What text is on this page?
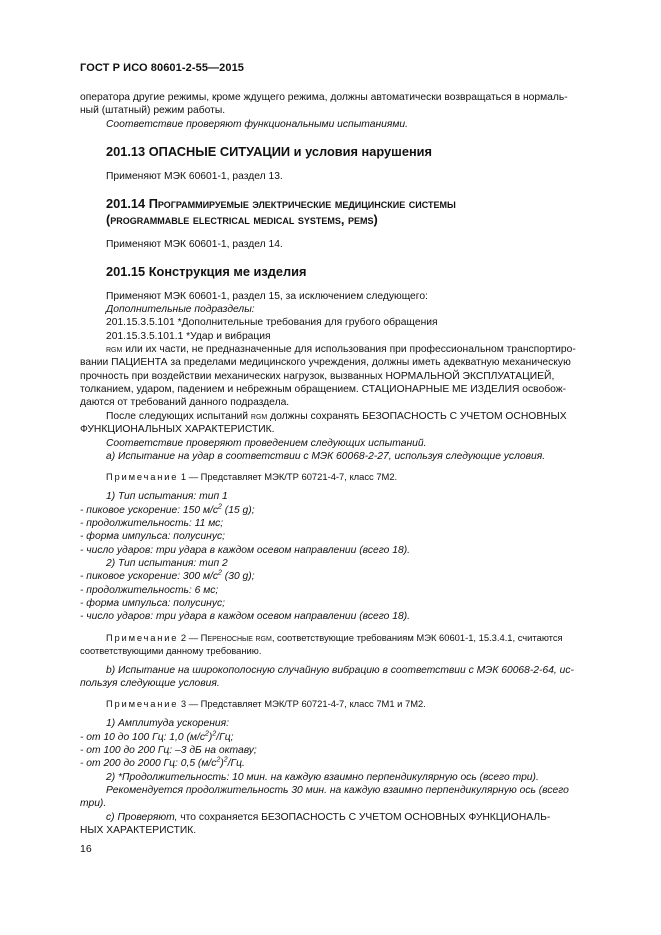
ГОСТ Р ИСО 80601-2-55—2015

оператора другие режимы, кроме ждущего режима, должны автоматически возвращаться в нормаль-

ный (штатный) режим работы.

Соответствие проверяют функциональными испытаниями.

201.13 ОПАСНЫЕ СИТУАЦИИ и условия нарушения

Применяют МЭК 60601-1, раздел 13.

201.14 Программируемые электрические медицинские системы

(programmable electrical medical systems, pems)

Применяют МЭК 60601-1, раздел 14.

201.15 Конструкция ме изделия

Применяют МЭК 60601-1, раздел 15, за исключением следующего:

Дополнительные подразделы:

201.15.3.5.101 *Дополнительные требования для грубого обращения

201.15.3.5.101.1 *Удар и вибрация

rgm или их части, не предназначенные для использования при профессиональном транспортиро-

вании ПАЦИЕНТА за пределами медицинского учреждения, должны иметь адекватную механическую

прочность при воздействии механических нагрузок, вызванных НОРМАЛЬНОЙ ЭКСПЛУАТАЦИЕЙ,

толканием, ударом, падением и небрежным обращением. СТАЦИОНАРНЫЕ МЕ ИЗДЕЛИЯ освобож-

даются от требований данного подраздела.

После следующих испытаний rgm должны сохранять БЕЗОПАСНОСТЬ С УЧЕТОМ ОСНОВНЫХ

ФУНКЦИОНАЛЬНЫХ ХАРАКТЕРИСТИК.

Соответствие проверяют проведением следующих испытаний.

a) Испытание на удар в соответствии с МЭК 60068-2-27, используя следующие условия.

Примечание 1 — Представляет МЭК/ТР 60721-4-7, класс 7М2.

1) Тип испытания: тип 1

- пиковое ускорение: 150 $м/с^2$ (15 g);

- продолжительность: 11 мс;

- форма импульса: полусинус;

- число ударов: три удара в каждом осевом направлении (всего 18).

2) Тип испытания: тип 2

- пиковое ускорение: 300 $м/с^2$ (30 g);

- продолжительность: 6 мс;

- форма импульса: полусинус;

- число ударов: три удара в каждом осевом направлении (всего 18).

Примечание 2 — Переносные rgm, соответствующие требованиям МЭК 60601-1, 15.3.4.1, считаются

соответствующими данному требованию.

b) Испытание на широкополосную случайную вибрацию в соответствии с МЭК 60068-2-64, ис-

пользуя следующие условия.

Примечание 3 — Представляет МЭК/ТР 60721-4-7, класс 7М1 и 7М2.

1) Амплитуда ускорения:

- от 10 до 100 Гц: 1,0 $(м/с^2)^2/Гц$;

- от 100 до 200 Гц: –3 дБ на октаву;

- от 200 до 2000 Гц: 0,5 $(м/с^2)^2/Гц$.

2) *Продолжительность: 10 мин. на каждую взаимно перпендикулярную ось (всего три).

Рекомендуется продолжительность 30 мин. на каждую взаимно перпендикулярную ось (всего

три).

c) Проверяют, что сохраняется БЕЗОПАСНОСТЬ С УЧЕТОМ ОСНОВНЫХ ФУНКЦИОНАЛЬ-

НЫХ ХАРАКТЕРИСТИК.

16
